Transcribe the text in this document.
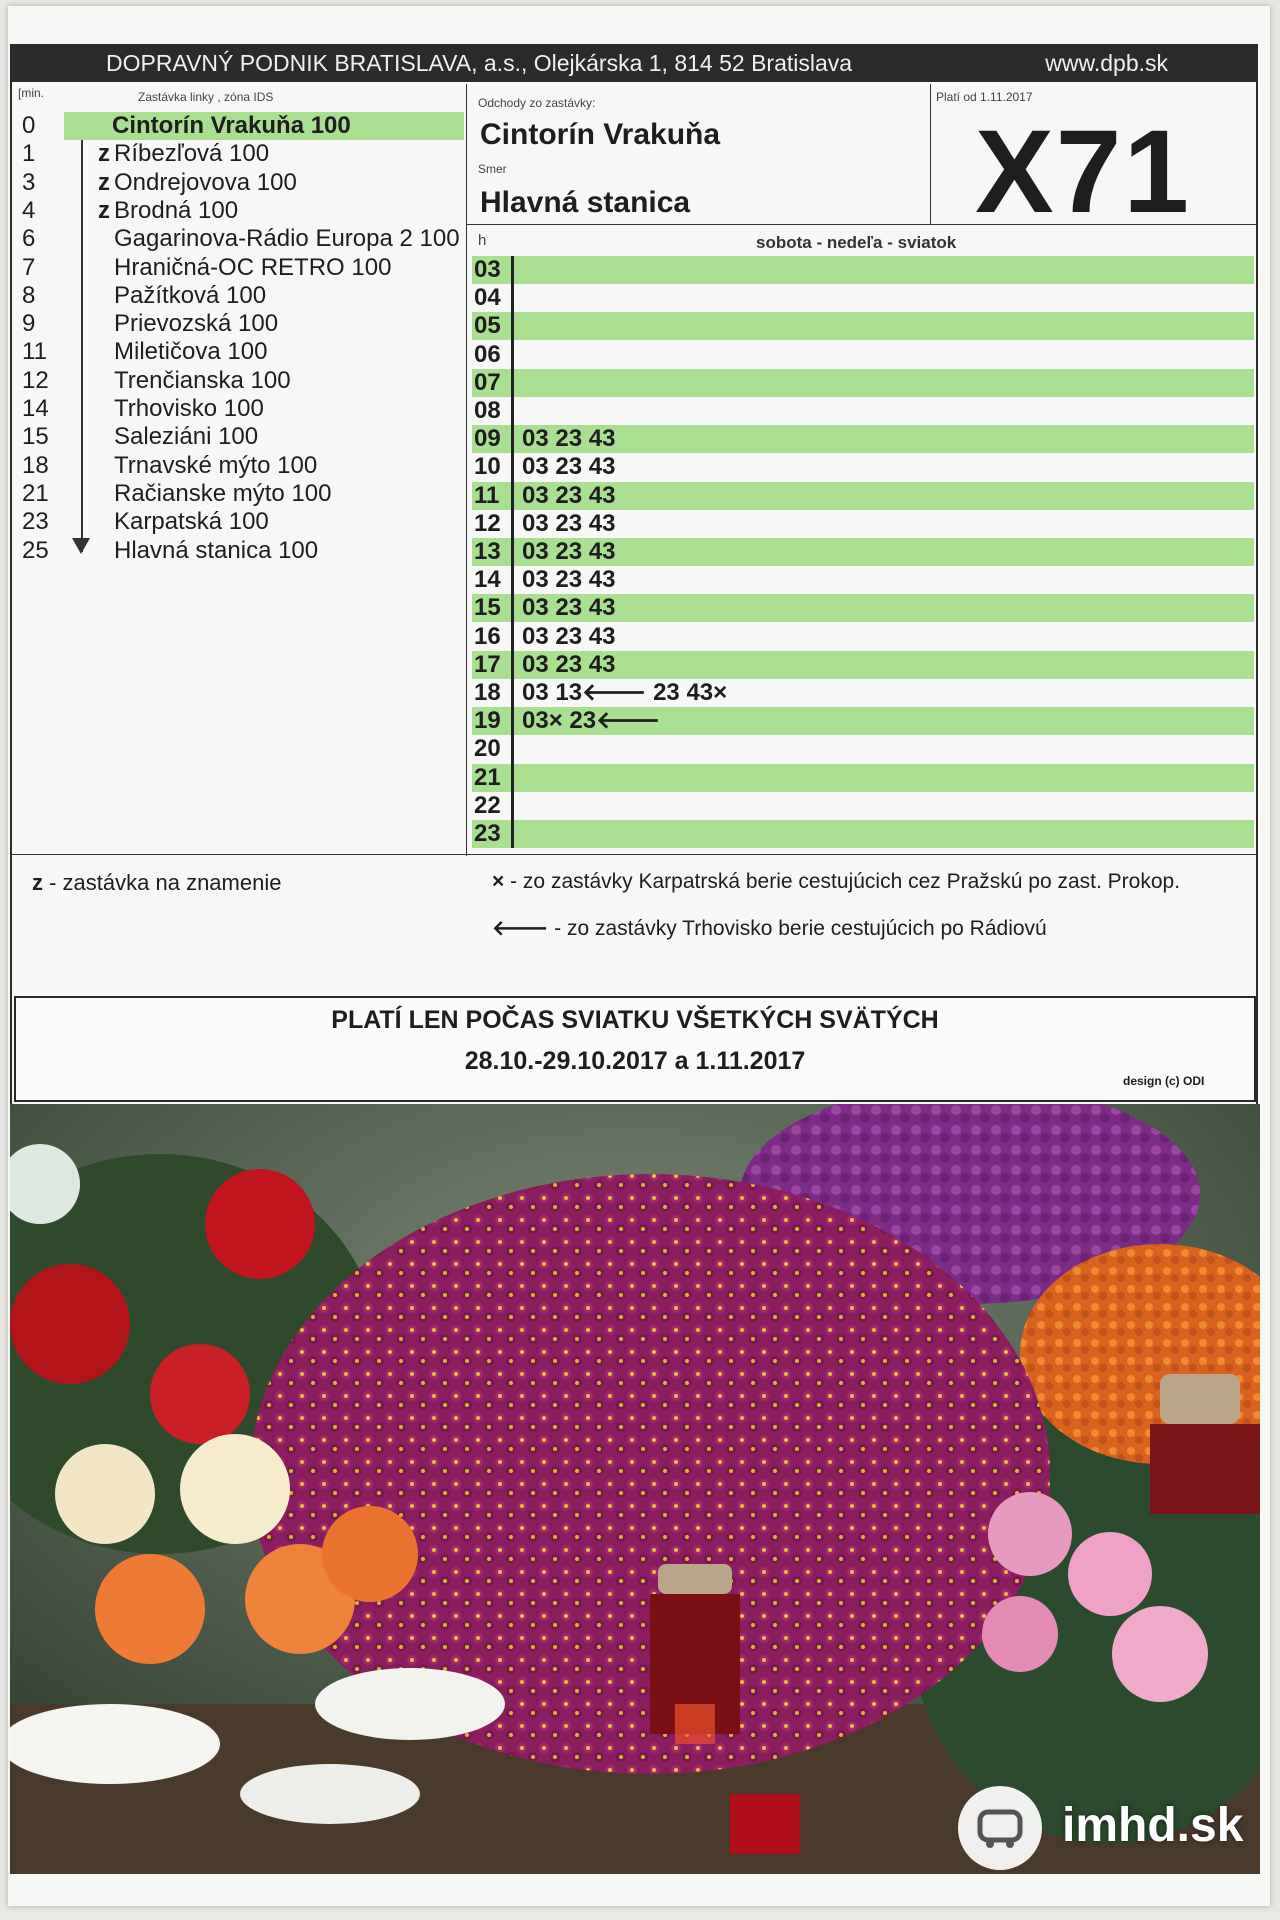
DOPRAVNÝ PODNIK BRATISLAVA, a.s., Olejkárska 1, 814 52 Bratislava	www.dpb.sk
[min.	Zastávka linky , zóna IDS	Odchody zo zastávky:
Smer
Platí od 1.11.2017
Cintorín Vrakuňa
Hlavná stanica X71
h	sobota - nedeľa - sviatok
0	Cintorín Vrakuňa 100
1	z Ríbezľová 100
3	z Ondrejovova 100
4	z Brodná 100
6	Gagarinova-Rádio Europa 2 100
7	Hraničná-OC RETRO 100
8	Pažítková 100
9	Prievozská 100
11	Miletičova 100
12	Trenčianska 100
14	Trhovisko 100
15	Saleziáni 100
18	Trnavské mýto 100
21	Račianske mýto 100
23	Karpatská 100
25	Hlavná stanica 100
03
04
05
06
07
08
09 03 23 43
10 03 23 43
11 03 23 43
12 03 23 43
13 03 23 43
14 03 23 43
15 03 23 43
16 03 23 43
17 03 23 43
18 03 13🡐 23 43×
19 03× 23🡐
20
21
22
23
z - zastávka na znamenie	× - zo zastávky Karpatrská berie cestujúcich cez Pražskú po zast. Prokop.
🡐 - zo zastávky Trhovisko berie cestujúcich po Rádiovú
PLATÍ LEN POČAS SVIATKU VŠETKÝCH SVÄTÝCH
28.10.-29.10.2017 a 1.11.2017
design (c) ODI
imhd.sk
